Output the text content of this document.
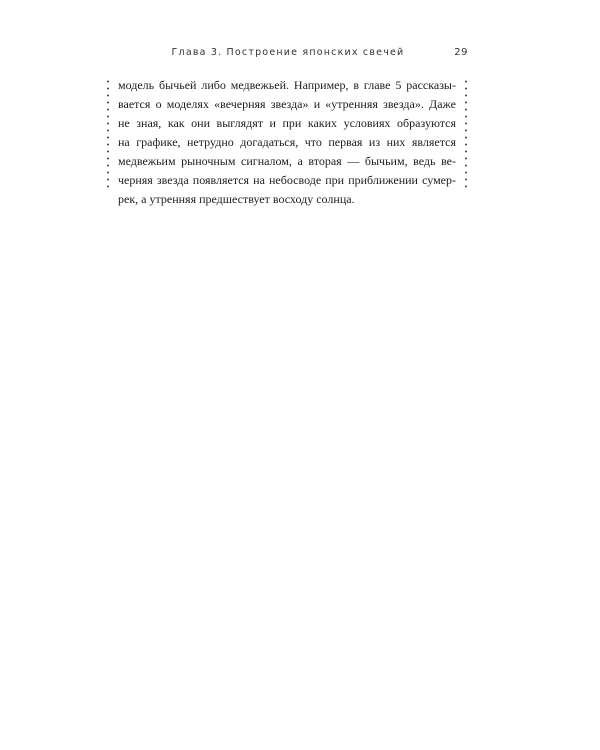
Глава 3. Построение японских свечей	29
модель бычьей либо медвежьей. Например, в главе 5 рассказы-
вается о моделях «вечерняя звезда» и «утренняя звезда». Даже
не зная, как они выглядят и при каких условиях образуются
на графике, нетрудно догадаться, что первая из них является
медвежьим рыночным сигналом, а вторая — бычьим, ведь ве-
черняя звезда появляется на небосводе при приближении сумер-
рек, а утренняя предшествует восходу солнца.
